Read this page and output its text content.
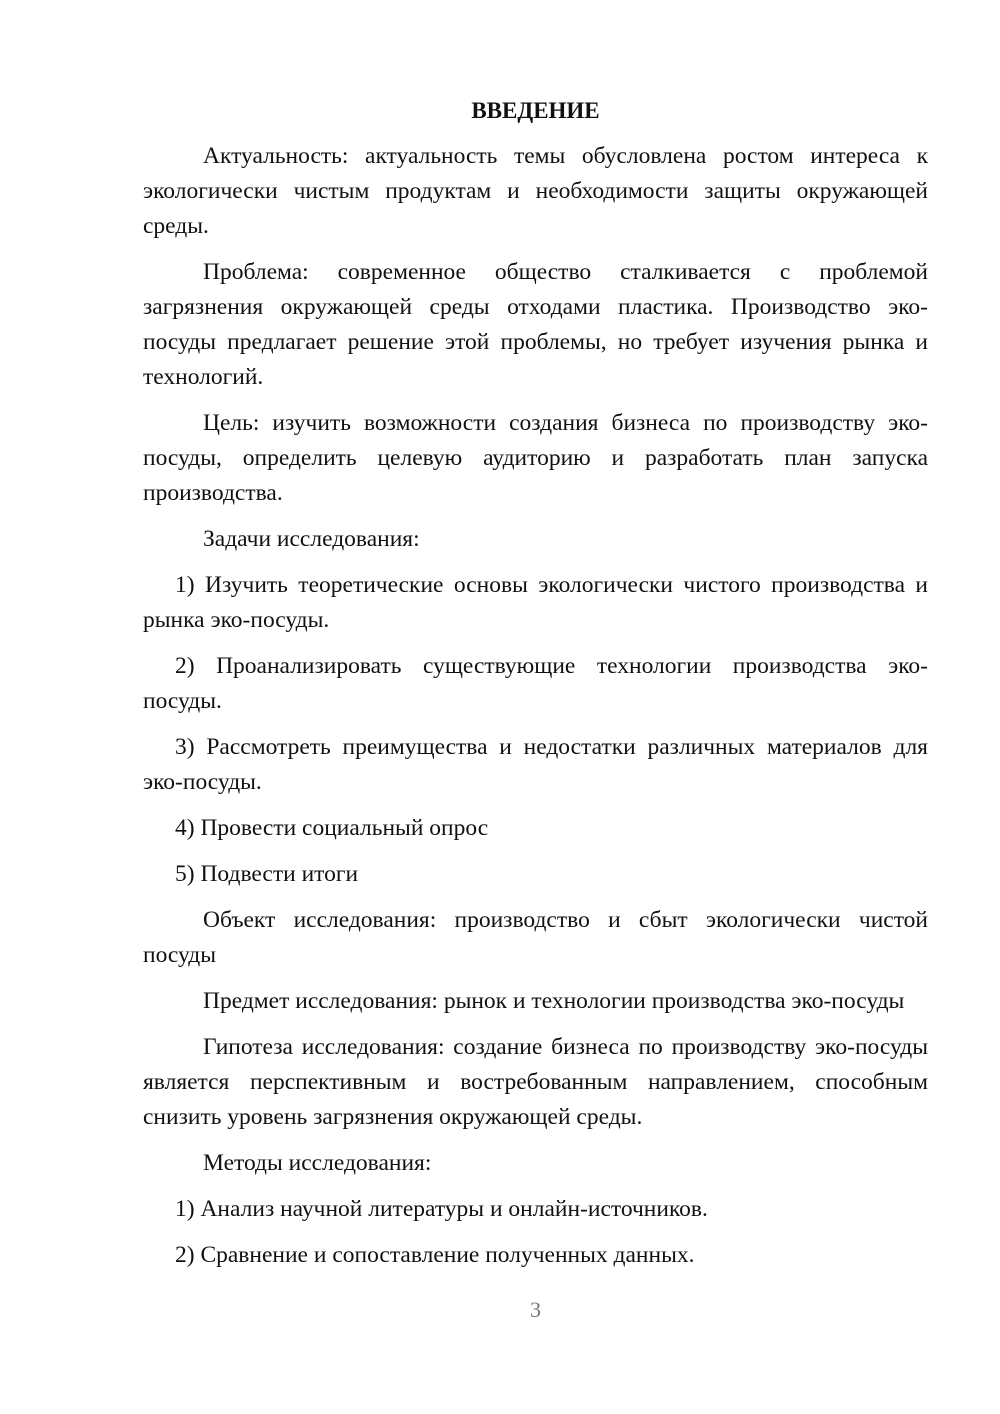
ВВЕДЕНИЕ

Актуальность: актуальность темы обусловлена ростом интереса к экологически чистым продуктам и необходимости защиты окружающей среды.

Проблема: современное общество сталкивается с проблемой загрязнения окружающей среды отходами пластика. Производство эко-посуды предлагает решение этой проблемы, но требует изучения рынка и технологий.

Цель: изучить возможности создания бизнеса по производству эко-посуды, определить целевую аудиторию и разработать план запуска производства.

Задачи исследования:

1) Изучить теоретические основы экологически чистого производства и рынка эко-посуды.

2) Проанализировать существующие технологии производства эко-посуды.

3) Рассмотреть преимущества и недостатки различных материалов для эко-посуды.

4) Провести социальный опрос

5) Подвести итоги

Объект исследования: производство и сбыт экологически чистой посуды

Предмет исследования: рынок и технологии производства эко-посуды

Гипотеза исследования: создание бизнеса по производству эко-посуды является перспективным и востребованным направлением, способным снизить уровень загрязнения окружающей среды.

Методы исследования:

1) Анализ научной литературы и онлайн-источников.

2) Сравнение и сопоставление полученных данных.

3
